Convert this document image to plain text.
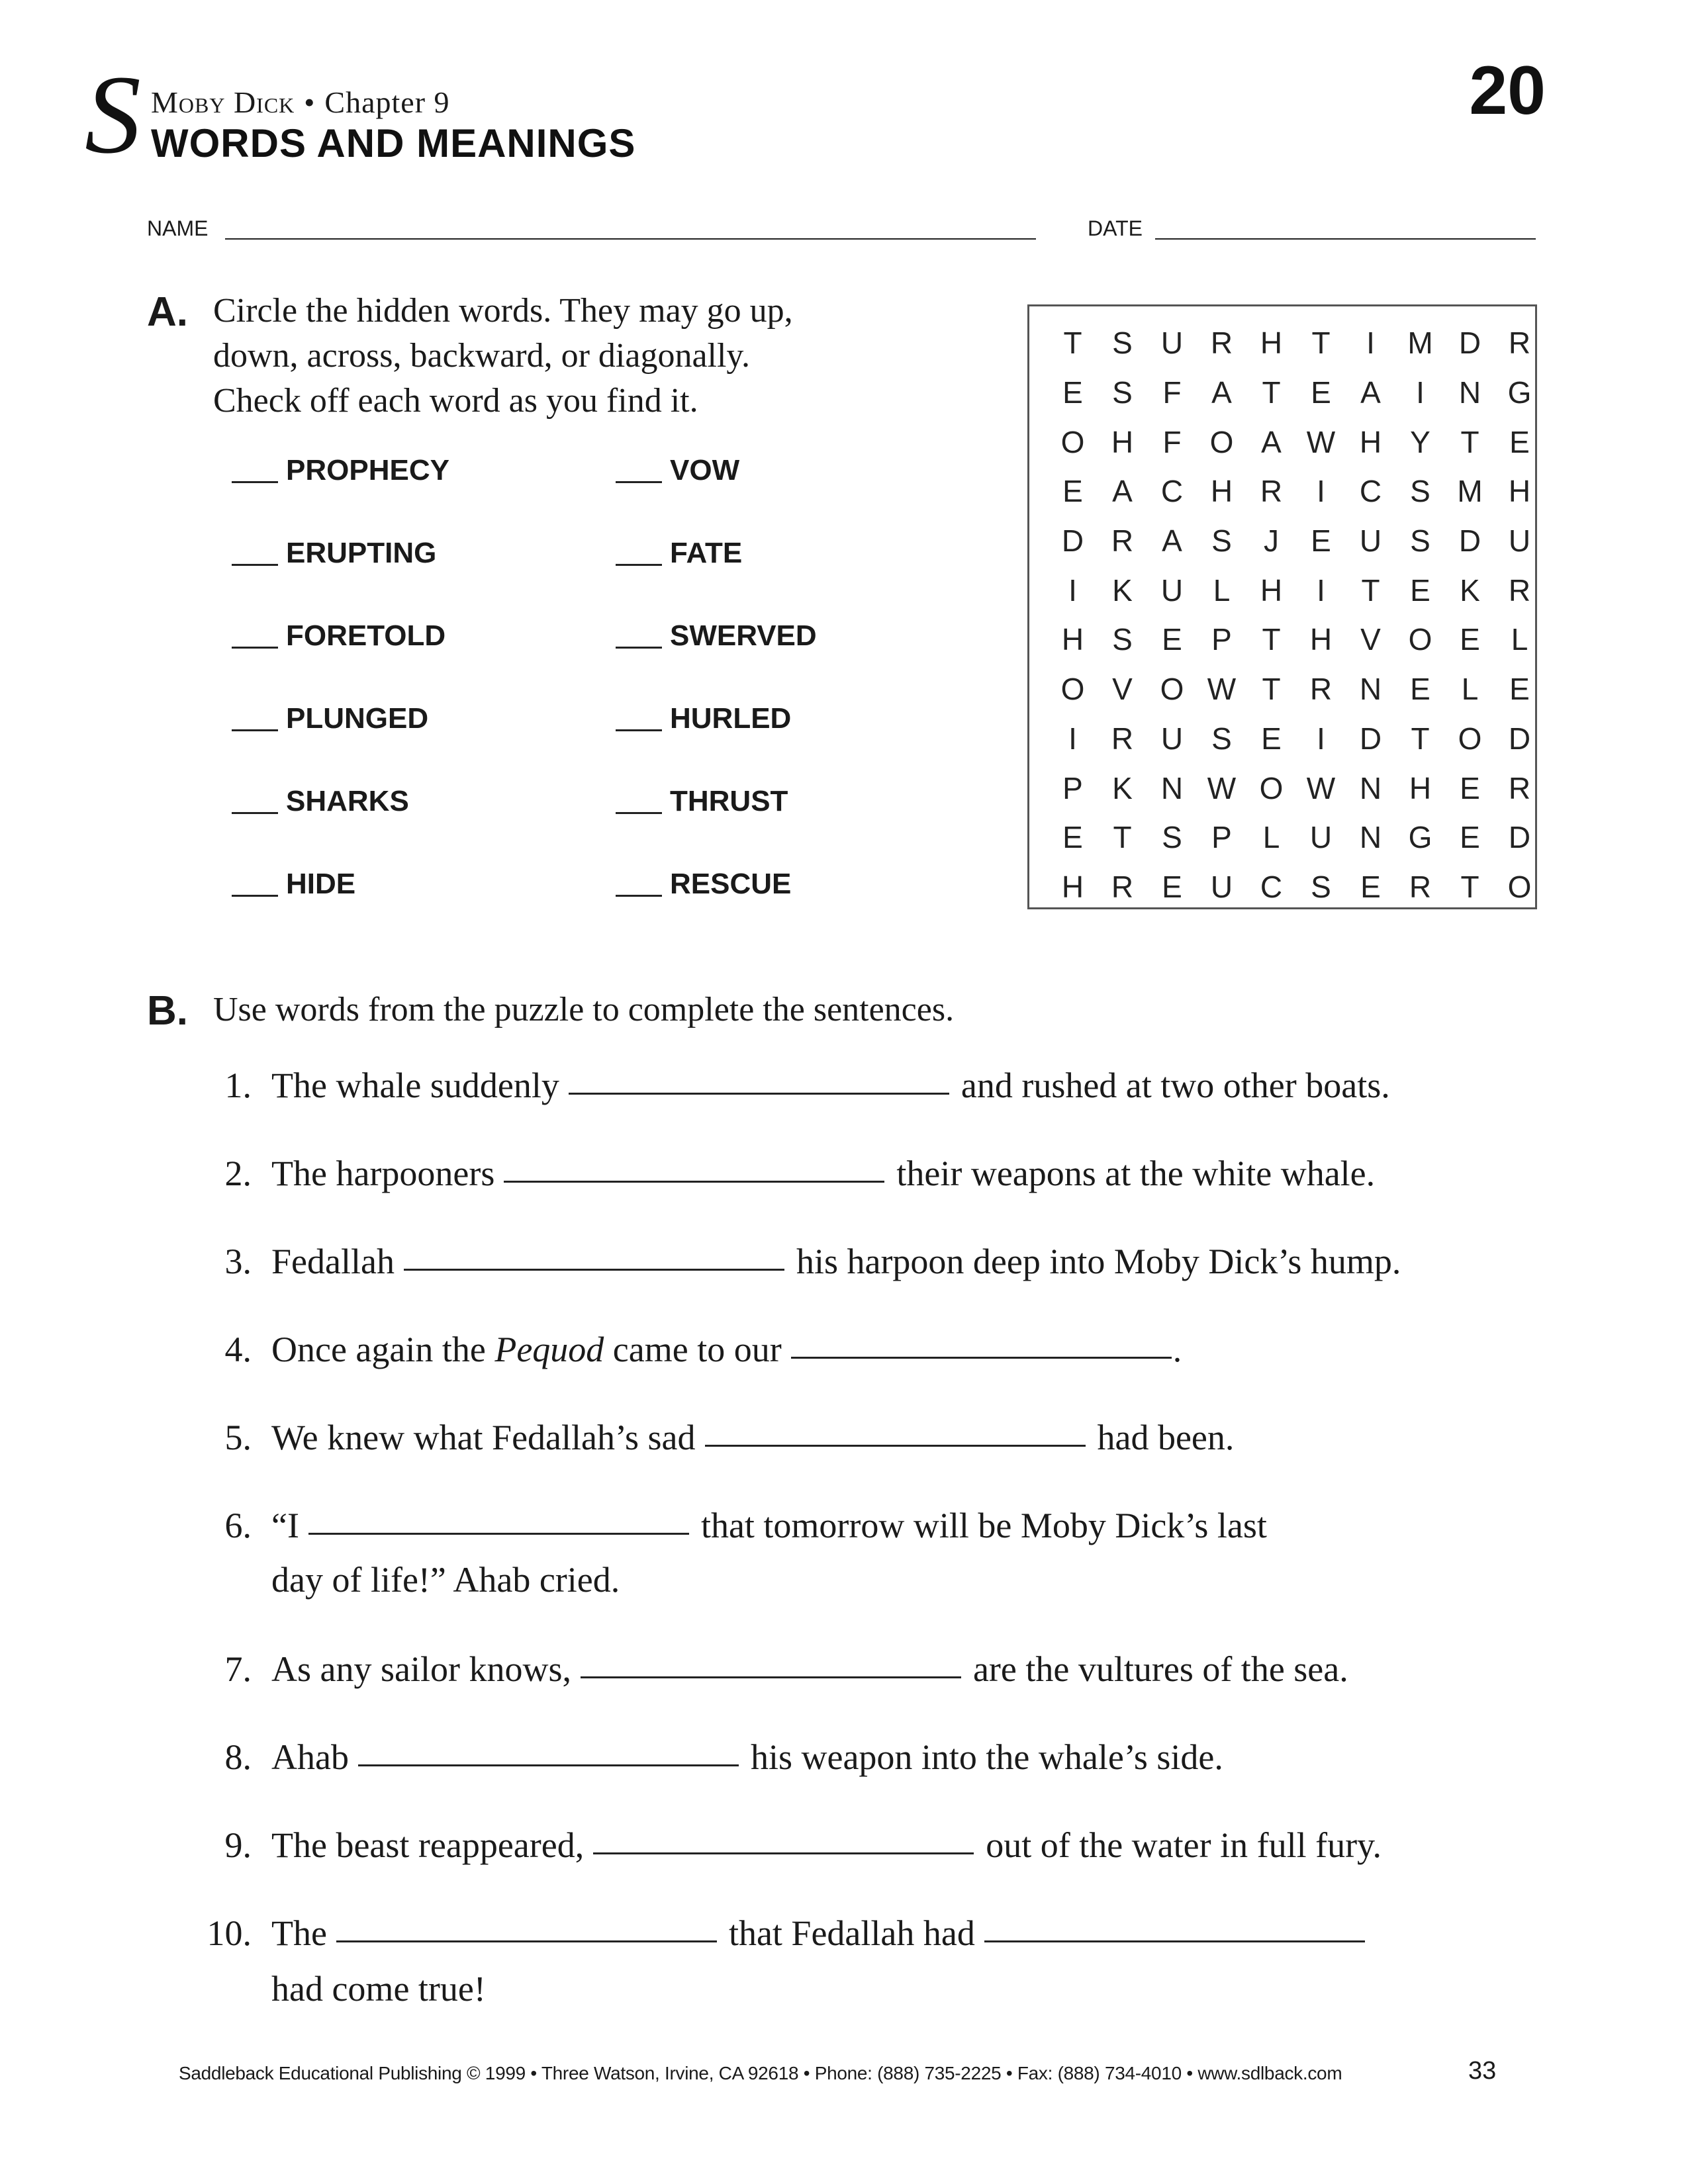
S Moby Dick • Chapter 9
WORDS AND MEANINGS
20
NAME	DATE
A. Circle the hidden words. They may go up,
down, across, backward, or diagonally.
Check off each word as you find it.
PROPHECY	VOW
ERUPTING	FATE
FORETOLD	SWERVED
PLUNGED	HURLED
SHARKS	THRUST
HIDE	RESCUE
T S U R H T	I	M D R
E S F A T E A	I	N G
O H F O A W H Y T E
E A C H R	I	C S M H
D R A S	J	E U S D U
I	K U L H	I	T E K R
H S E P T H V O E	L
O V O W T R N E	L	E
I	R U S E	I	D T O D
P K N W O W N H E R
E T S P	L U N G E D
H R E U C S E R T O
B. Use words from the puzzle to complete the sentences.
1. The whale suddenly	and rushed at two other boats.
2. The harpooners	their weapons at the white whale.
3. Fedallah	his harpoon deep into Moby Dick’s hump.
4. Once again the Pequod came to our	.
5. We knew what Fedallah’s sad	had been.
6. “I	that tomorrow will be Moby Dick’s last
day of life!” Ahab cried.
7. As any sailor knows,	are the vultures of the sea.
8. Ahab	his weapon into the whale’s side.
9. The beast reappeared,	out of the water in full fury.
10. The	that Fedallah had
had come true!
Saddleback Educational Publishing © 1999 • Three Watson, Irvine, CA 92618 • Phone: (888) 735-2225 • Fax: (888) 734-4010 • www.sdlback.com	33
